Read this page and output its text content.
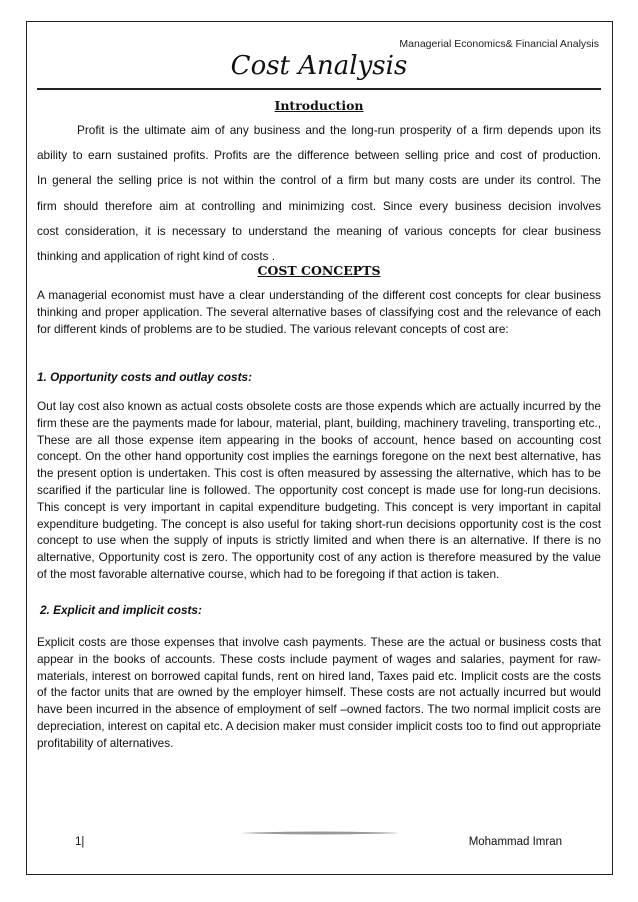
Managerial Economics& Financial Analysis
Cost Analysis
Introduction
Profit is the ultimate aim of any business and the long-run prosperity of a firm depends upon its
ability to earn sustained profits. Profits are the difference between selling price and cost of production.
In general the selling price is not within the control of a firm but many costs are under its control. The
firm should therefore aim at controlling and minimizing cost. Since every business decision involves
cost consideration, it is necessary to understand the meaning of various concepts for clear business
thinking and application of right kind of costs .
COST CONCEPTS
A managerial economist must have a clear understanding of the different cost concepts for clear business thinking and proper application. The several alternative bases of classifying cost and the relevance of each for different kinds of problems are to be studied. The various relevant concepts of cost are:
1. Opportunity costs and outlay costs:
Out lay cost also known as actual costs obsolete costs are those expends which are actually incurred by the firm these are the payments made for labour, material, plant, building, machinery traveling, transporting etc., These are all those expense item appearing in the books of account, hence based on accounting cost concept. On the other hand opportunity cost implies the earnings foregone on the next best alternative, has the present option is undertaken. This cost is often measured by assessing the alternative, which has to be scarified if the particular line is followed. The opportunity cost concept is made use for long-run decisions. This concept is very important in capital expenditure budgeting. This concept is very important in capital expenditure budgeting. The concept is also useful for taking short-run decisions opportunity cost is the cost concept to use when the supply of inputs is strictly limited and when there is an alternative. If there is no alternative, Opportunity cost is zero. The opportunity cost of any action is therefore measured by the value of the most favorable alternative course, which had to be foregoing if that action is taken.
2. Explicit and implicit costs:
Explicit costs are those expenses that involve cash payments. These are the actual or business costs that appear in the books of accounts. These costs include payment of wages and salaries, payment for raw-materials, interest on borrowed capital funds, rent on hired land, Taxes paid etc. Implicit costs are the costs of the factor units that are owned by the employer himself. These costs are not actually incurred but would have been incurred in the absence of employment of self –owned factors. The two normal implicit costs are depreciation, interest on capital etc. A decision maker must consider implicit costs too to find out appropriate profitability of alternatives.
1|	Mohammad Imran
